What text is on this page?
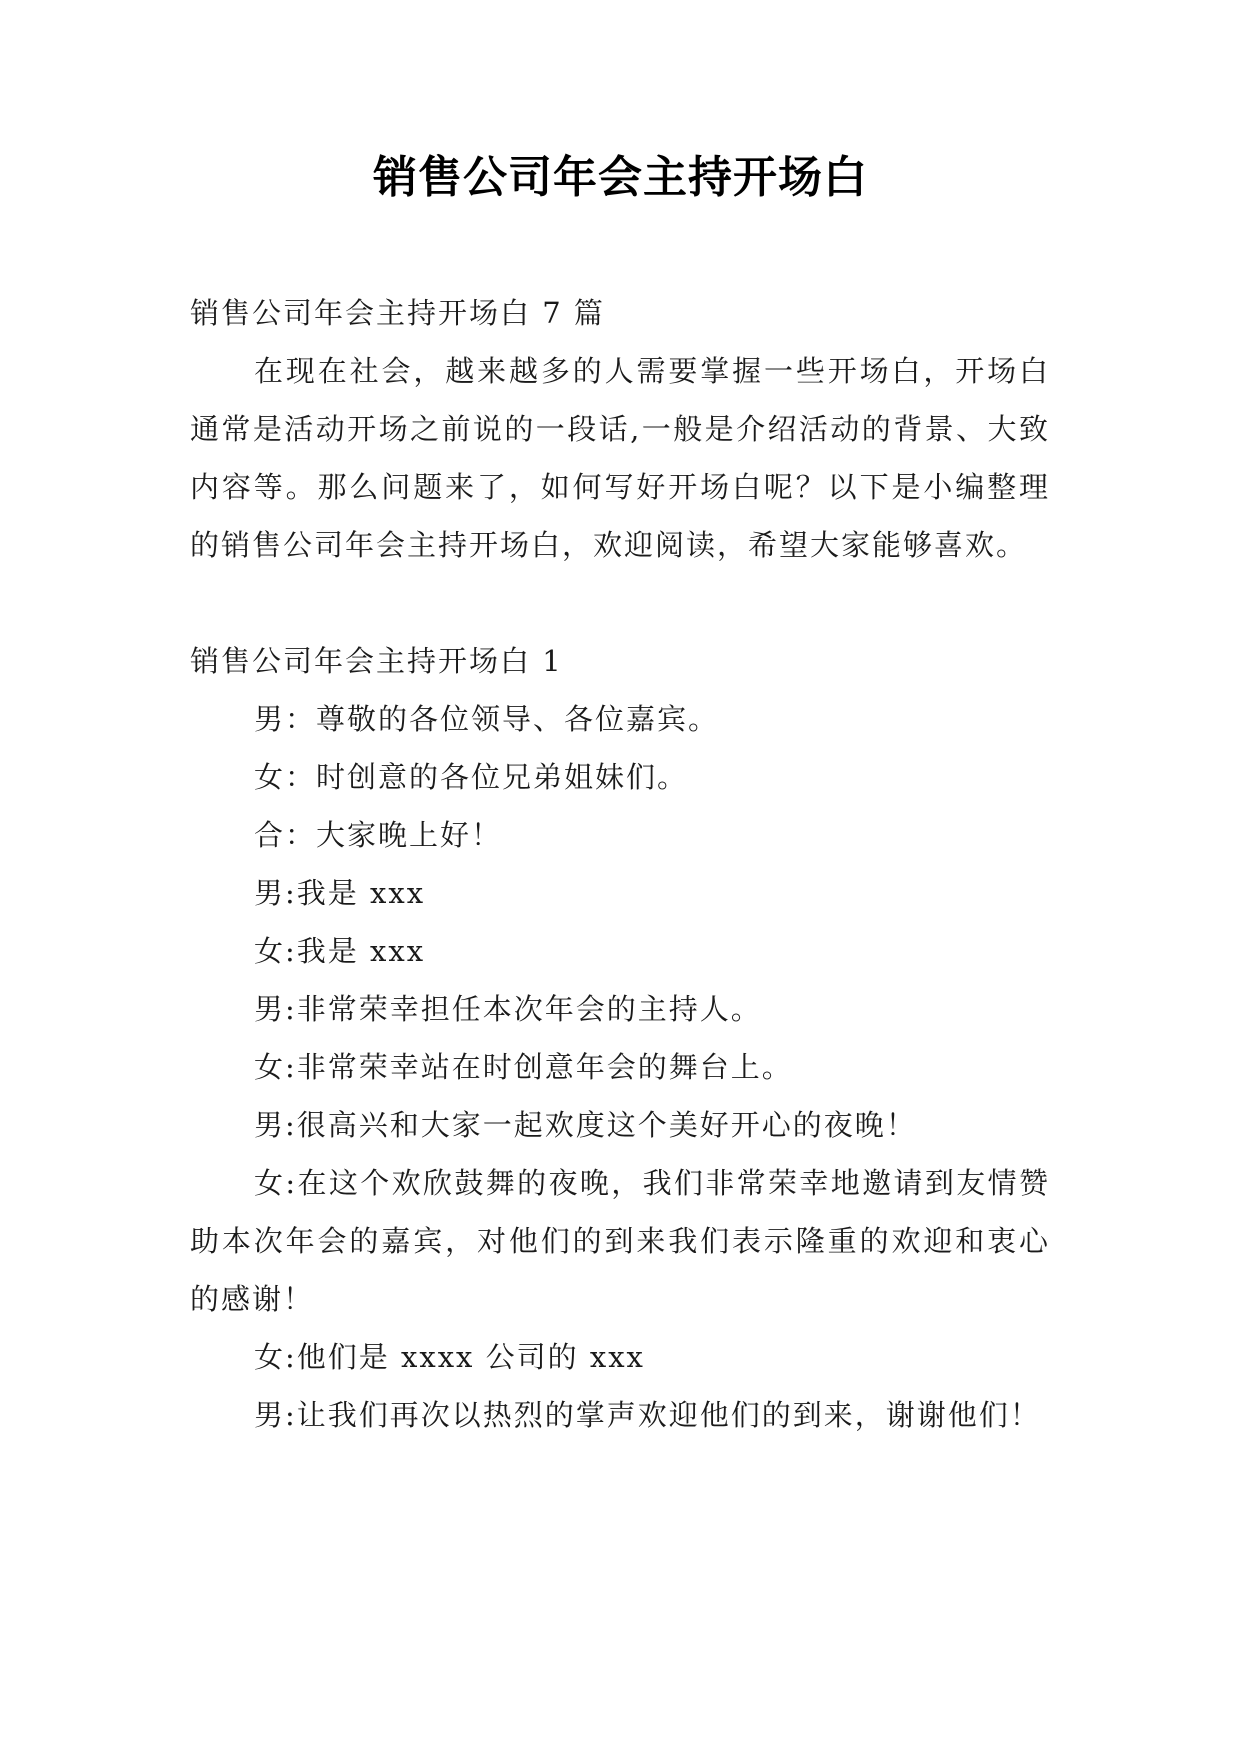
销售公司年会主持开场白

销售公司年会主持开场白 7 篇

在现在社会，越来越多的人需要掌握一些开场白，开场白通常是活动开场之前说的一段话,一般是介绍活动的背景、大致内容等。那么问题来了，如何写好开场白呢？以下是小编整理的销售公司年会主持开场白，欢迎阅读，希望大家能够喜欢。

销售公司年会主持开场白 1

男：尊敬的各位领导、各位嘉宾。

女：时创意的各位兄弟姐妹们。

合：大家晚上好！

男:我是 xxx

女:我是 xxx

男:非常荣幸担任本次年会的主持人。

女:非常荣幸站在时创意年会的舞台上。

男:很高兴和大家一起欢度这个美好开心的夜晚！

女:在这个欢欣鼓舞的夜晚，我们非常荣幸地邀请到友情赞助本次年会的嘉宾，对他们的到来我们表示隆重的欢迎和衷心的感谢！

女:他们是 xxxx 公司的 xxx

男:让我们再次以热烈的掌声欢迎他们的到来，谢谢他们！
